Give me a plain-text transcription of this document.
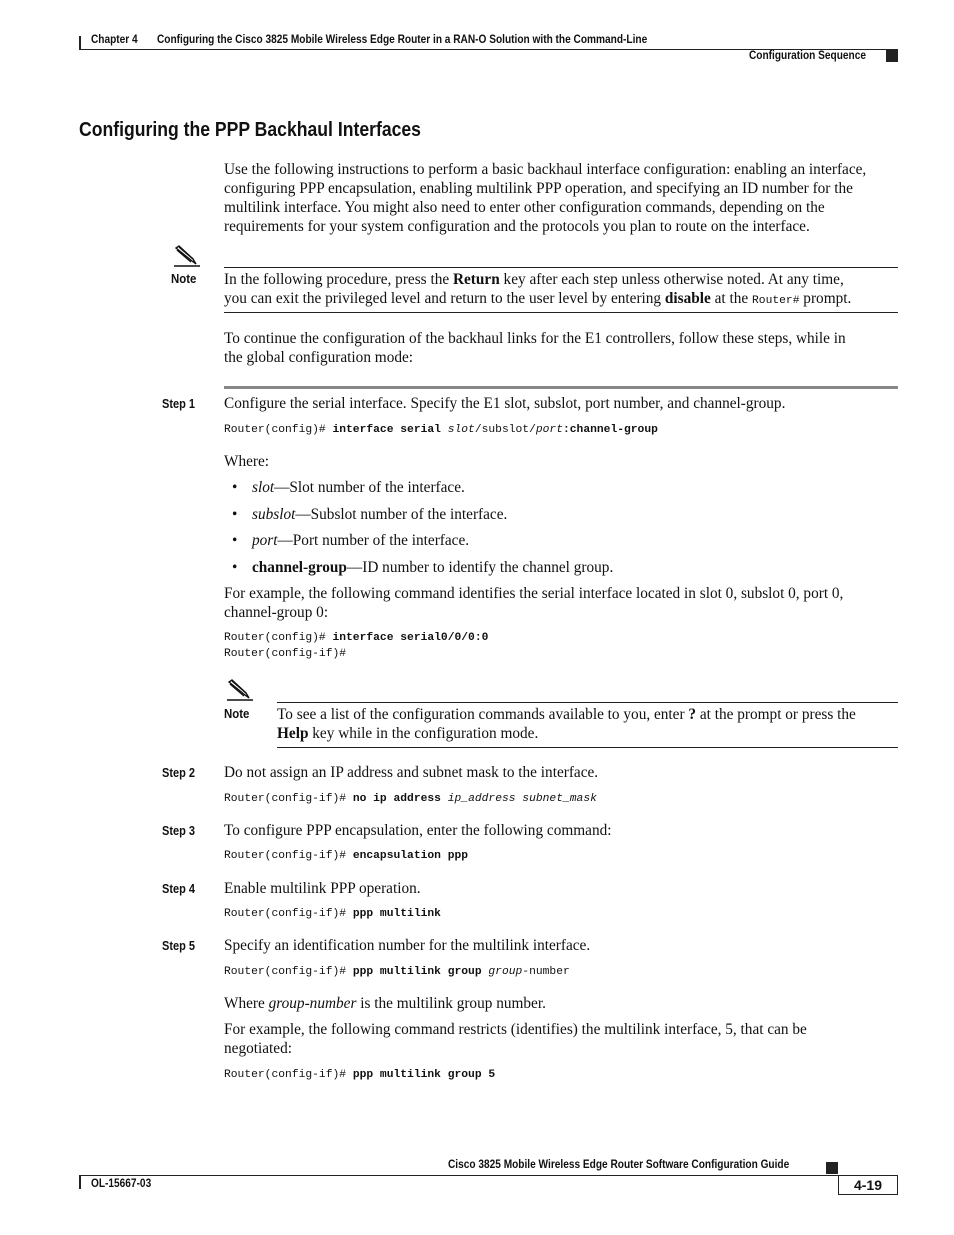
Chapter 4 Configuring the Cisco 3825 Mobile Wireless Edge Router in a RAN-O Solution with the Command-Line
Configuration Sequence
Configuring the PPP Backhaul Interfaces
Use the following instructions to perform a basic backhaul interface configuration: enabling an interface,
configuring PPP encapsulation, enabling multilink PPP operation, and specifying an ID number for the
multilink interface. You might also need to enter other configuration commands, depending on the
requirements for your system configuration and the protocols you plan to route on the interface.
Note In the following procedure, press the Return key after each step unless otherwise noted. At any time,
you can exit the privileged level and return to the user level by entering disable at the Router# prompt.
To continue the configuration of the backhaul links for the E1 controllers, follow these steps, while in
the global configuration mode:
Step 1 Configure the serial interface. Specify the E1 slot, subslot, port number, and channel-group.
Router(config)# interface serial slot/subslot/port:channel-group
Where:
• slot—Slot number of the interface.
• subslot—Subslot number of the interface.
• port—Port number of the interface.
• channel-group—ID number to identify the channel group.
For example, the following command identifies the serial interface located in slot 0, subslot 0, port 0,
channel-group 0:
Router(config)# interface serial0/0/0:0
Router(config-if)#
Note To see a list of the configuration commands available to you, enter ? at the prompt or press the
Help key while in the configuration mode.
Step 2 Do not assign an IP address and subnet mask to the interface.
Router(config-if)# no ip address ip_address subnet_mask
Step 3 To configure PPP encapsulation, enter the following command:
Router(config-if)# encapsulation ppp
Step 4 Enable multilink PPP operation.
Router(config-if)# ppp multilink
Step 5 Specify an identification number for the multilink interface.
Router(config-if)# ppp multilink group group-number
Where group-number is the multilink group number.
For example, the following command restricts (identifies) the multilink interface, 5, that can be
negotiated:
Router(config-if)# ppp multilink group 5
Cisco 3825 Mobile Wireless Edge Router Software Configuration Guide
OL-15667-03	4-19
